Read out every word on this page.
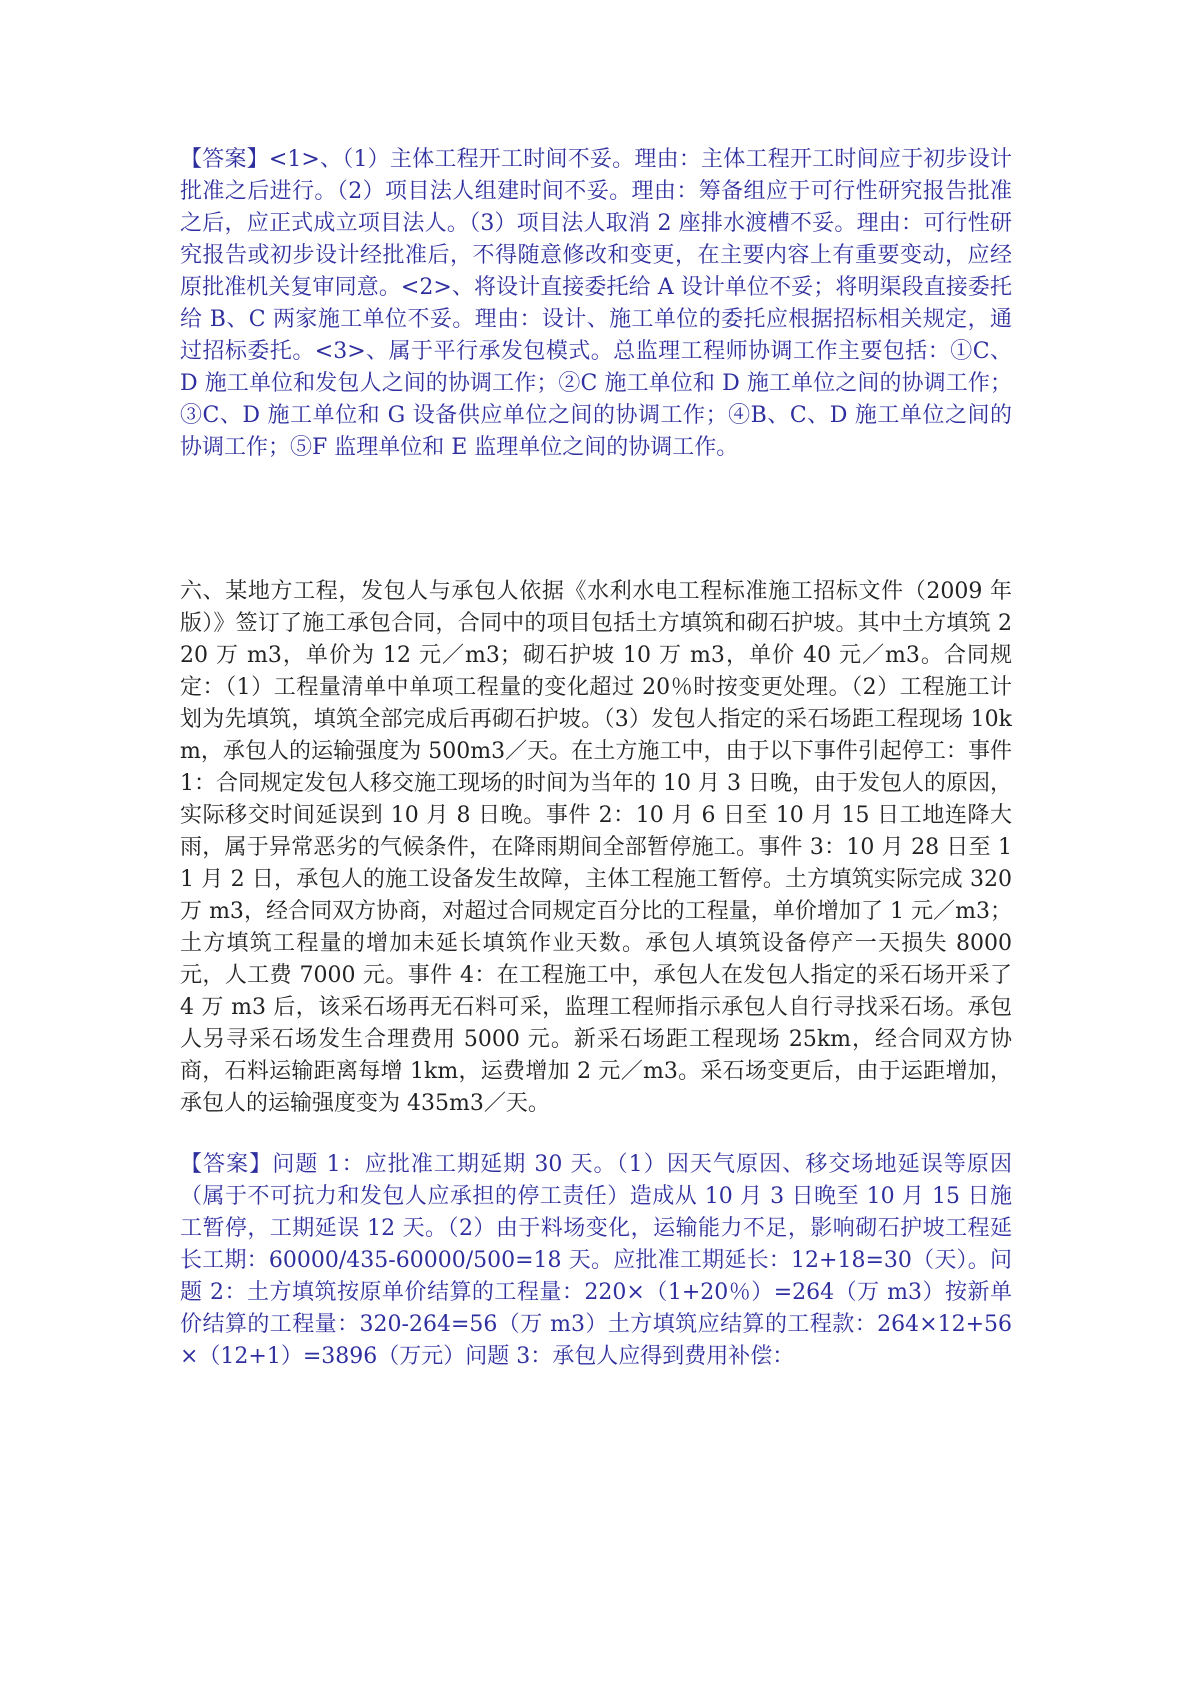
【答案】<1>、（1）主体工程开工时间不妥。理由：主体工程开工时间应于初步设计批准之后进行。（2）项目法人组建时间不妥。理由：筹备组应于可行性研究报告批准之后，应正式成立项目法人。（3）项目法人取消 2 座排水渡槽不妥。理由：可行性研究报告或初步设计经批准后，不得随意修改和变更，在主要内容上有重要变动，应经原批准机关复审同意。<2>、将设计直接委托给 A 设计单位不妥；将明渠段直接委托给 B、C 两家施工单位不妥。理由：设计、施工单位的委托应根据招标相关规定，通过招标委托。<3>、属于平行承发包模式。总监理工程师协调工作主要包括：①C、D 施工单位和发包人之间的协调工作；②C 施工单位和 D 施工单位之间的协调工作；③C、D 施工单位和 G 设备供应单位之间的协调工作；④B、C、D 施工单位之间的协调工作；⑤F 监理单位和 E 监理单位之间的协调工作。

六、某地方工程，发包人与承包人依据《水利水电工程标准施工招标文件（2009 年版）》签订了施工承包合同，合同中的项目包括土方填筑和砌石护坡。其中土方填筑 220 万 m3，单价为 12 元／m3；砌石护坡 10 万 m3，单价 40 元／m3。合同规定：（1）工程量清单中单项工程量的变化超过 20％时按变更处理。（2）工程施工计划为先填筑，填筑全部完成后再砌石护坡。（3）发包人指定的采石场距工程现场 10km，承包人的运输强度为 500m3／天。在土方施工中，由于以下事件引起停工：事件 1：合同规定发包人移交施工现场的时间为当年的 10 月 3 日晚，由于发包人的原因，实际移交时间延误到 10 月 8 日晚。事件 2：10 月 6 日至 10 月 15 日工地连降大雨，属于异常恶劣的气候条件，在降雨期间全部暂停施工。事件 3：10 月 28 日至 11 月 2 日，承包人的施工设备发生故障，主体工程施工暂停。土方填筑实际完成 320 万 m3，经合同双方协商，对超过合同规定百分比的工程量，单价增加了 1 元／m3；土方填筑工程量的增加未延长填筑作业天数。承包人填筑设备停产一天损失 8000 元，人工费 7000 元。事件 4：在工程施工中，承包人在发包人指定的采石场开采了 4 万 m3 后，该采石场再无石料可采，监理工程师指示承包人自行寻找采石场。承包人另寻采石场发生合理费用 5000 元。新采石场距工程现场 25km，经合同双方协商，石料运输距离每增 1km，运费增加 2 元／m3。采石场变更后，由于运距增加，承包人的运输强度变为 435m3／天。

【答案】问题 1：应批准工期延期 30 天。（1）因天气原因、移交场地延误等原因（属于不可抗力和发包人应承担的停工责任）造成从 10 月 3 日晚至 10 月 15 日施工暂停，工期延误 12 天。（2）由于料场变化，运输能力不足，影响砌石护坡工程延长工期：60000/435-60000/500=18 天。应批准工期延长：12+18=30（天）。问题 2：土方填筑按原单价结算的工程量：220×（1+20％）=264（万 m3）按新单价结算的工程量：320-264=56（万 m3）土方填筑应结算的工程款：264×12+56×（12+1）=3896（万元）问题 3：承包人应得到费用补偿：
